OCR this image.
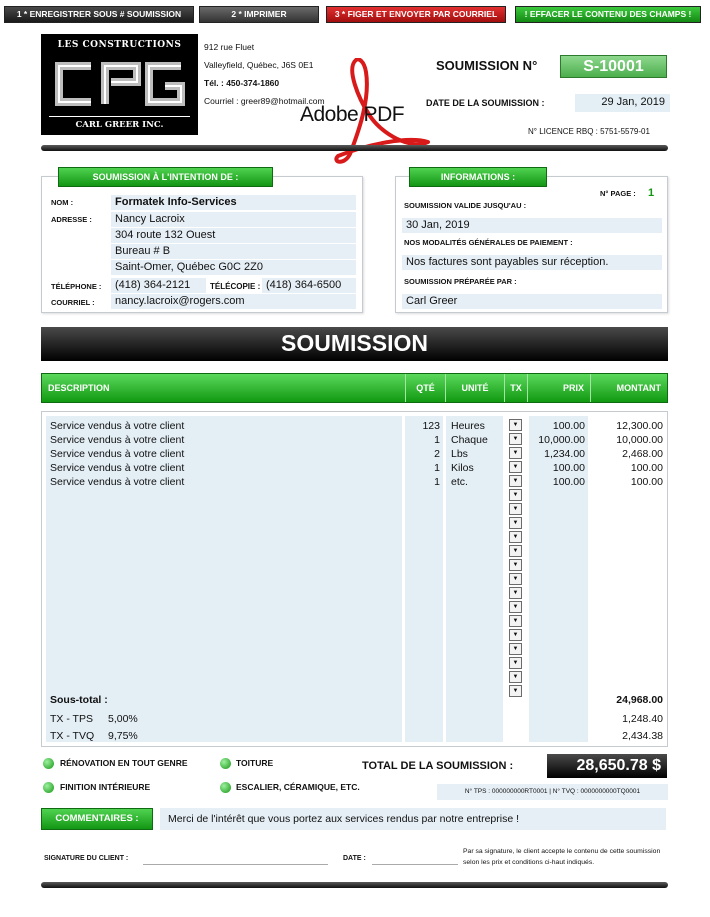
1 * ENREGISTRER SOUS # SOUMISSION	2 * IMPRIMER	3 * FIGER ET ENVOYER PAR COURRIEL	! EFFACER LE CONTENU DES CHAMPS !
LES CONSTRUCTIONS
CARL GREER INC.
912 rue Fluet
Valleyfield, Québec, J6S 0E1
Tél. : 450-374-1860
Courriel : greer89@hotmail.com
Adobe PDF
SOUMISSION N°	S-10001
DATE DE LA SOUMISSION :	29 Jan, 2019
N° LICENCE RBQ : 5751-5579-01
SOUMISSION À L'INTENTION DE :
NOM :	Formatek Info-Services
ADRESSE :	Nancy Lacroix
304 route 132 Ouest
Bureau # B
Saint-Omer, Québec G0C 2Z0
TÉLÉPHONE :	(418) 364-2121	TÉLÉCOPIE : (418) 364-6500
COURRIEL :	nancy.lacroix@rogers.com
INFORMATIONS :
N° PAGE : 1
SOUMISSION VALIDE JUSQU'AU :
30 Jan, 2019
NOS MODALITÉS GÉNÉRALES DE PAIEMENT :
Nos factures sont payables sur réception.
SOUMISSION PRÉPARÉE PAR :
Carl Greer
SOUMISSION
DESCRIPTION	QTÉ	UNITÉ	TX	PRIX	MONTANT
Service vendus à votre client	123 Heures	100.00	12,300.00
Service vendus à votre client	1 Chaque	10,000.00	10,000.00
Service vendus à votre client	2 Lbs	1,234.00	2,468.00
Service vendus à votre client	1 Kilos	100.00	100.00
Service vendus à votre client	1 etc.	100.00	100.00
▼
▼
▼
▼
▼
▼
▼
▼
▼
▼
▼
▼
▼
▼
▼
▼
▼
▼
▼
▼
Sous-total :	24,968.00
TX - TPS 5,00%	1,248.40
TX - TVQ 9,75%	2,434.38
RÉNOVATION EN TOUT GENRE	TOITURE
FINITION INTÉRIEURE	ESCALIER, CÉRAMIQUE, ETC.
TOTAL DE LA SOUMISSION :	28,650.78 $
N° TPS : 000000000RT0001 | N° TVQ : 0000000000TQ0001
COMMENTAIRES :	Merci de l'intérêt que vous portez aux services rendus par notre entreprise !
SIGNATURE DU CLIENT :	DATE :
Par sa signature, le client accepte le contenu de cette soumission selon les prix et conditions ci-haut indiqués.
